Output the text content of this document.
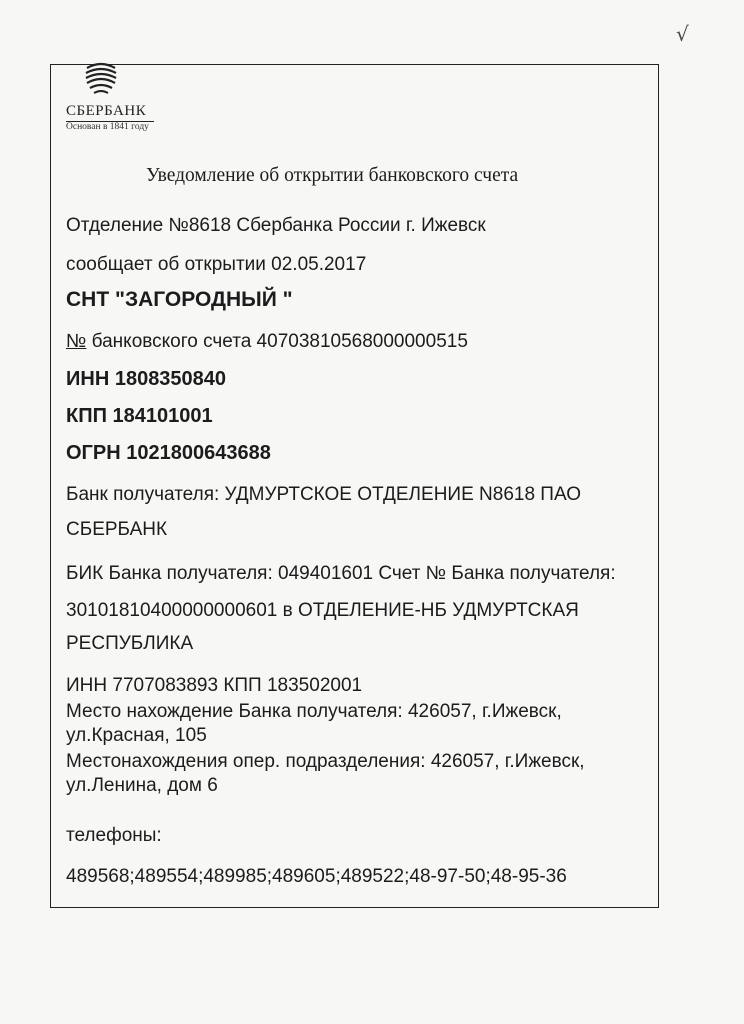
√
СБЕРБАНК
Основан в 1841 году
Уведомление об открытии банковского счета
Отделение №8618 Сбербанка России г. Ижевск
сообщает об открытии 02.05.2017
СНТ "ЗАГОРОДНЫЙ "
№ банковского счета 40703810568000000515
ИНН 1808350840
КПП 184101001
ОГРН 1021800643688
Банк получателя: УДМУРТСКОЕ ОТДЕЛЕНИЕ N8618 ПАО
СБЕРБАНК
БИК Банка получателя: 049401601 Счет № Банка получателя:
30101810400000000601 в ОТДЕЛЕНИЕ-НБ УДМУРТСКАЯ
РЕСПУБЛИКА
ИНН 7707083893 КПП 183502001
Место нахождение Банка получателя: 426057, г.Ижевск,
ул.Красная, 105
Местонахождения опер. подразделения: 426057, г.Ижевск,
ул.Ленина, дом 6
телефоны:
489568;489554;489985;489605;489522;48-97-50;48-95-36
